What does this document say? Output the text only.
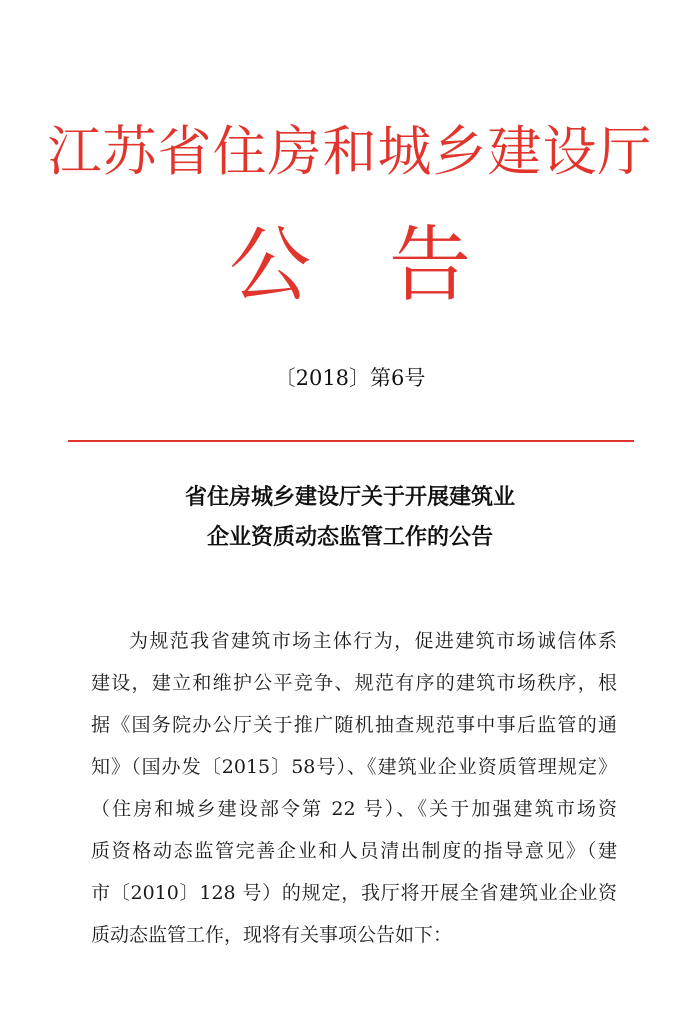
江苏省住房和城乡建设厅
公告
〔2018〕第6号
省住房城乡建设厅关于开展建筑业
企业资质动态监管工作的公告

为规范我省建筑市场主体行为，促进建筑市场诚信体系
建设，建立和维护公平竞争、规范有序的建筑市场秩序，根
据《国务院办公厅关于推广随机抽查规范事中事后监管的通
知》（国办发〔2015〕58号）、《建筑业企业资质管理规定》
（住房和城乡建设部令第 22 号）、《关于加强建筑市场资
质资格动态监管完善企业和人员清出制度的指导意见》（建
市〔2010〕128 号）的规定，我厅将开展全省建筑业企业资
质动态监管工作，现将有关事项公告如下：
